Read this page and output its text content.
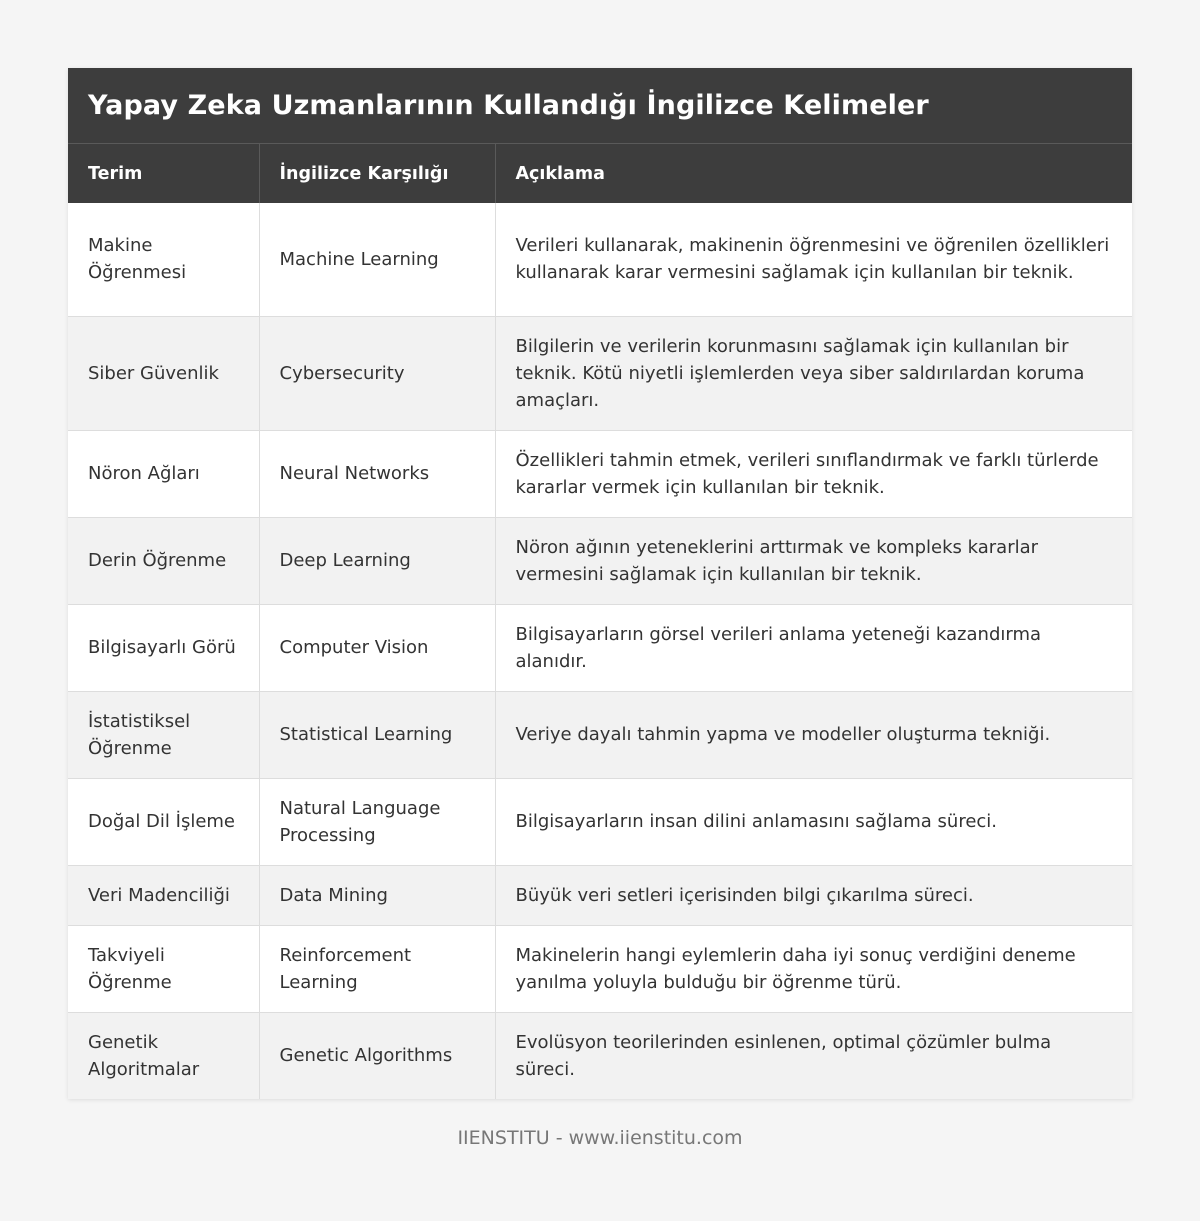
Yapay Zeka Uzmanlarının Kullandığı İngilizce Kelimeler
Terim	İngilizce Karşılığı	Açıklama
Makine Öğrenmesi	Machine Learning	Verileri kullanarak, makinenin öğrenmesini ve öğrenilen özellikleri kullanarak karar vermesini sağlamak için kullanılan bir teknik.
Siber Güvenlik	Cybersecurity	Bilgilerin ve verilerin korunmasını sağlamak için kullanılan bir teknik. Kötü niyetli işlemlerden veya siber saldırılardan koruma amaçları.
Nöron Ağları	Neural Networks	Özellikleri tahmin etmek, verileri sınıflandırmak ve farklı türlerde kararlar vermek için kullanılan bir teknik.
Derin Öğrenme	Deep Learning	Nöron ağının yeteneklerini arttırmak ve kompleks kararlar vermesini sağlamak için kullanılan bir teknik.
Bilgisayarlı Görü	Computer Vision	Bilgisayarların görsel verileri anlama yeteneği kazandırma alanıdır.
İstatistiksel Öğrenme	Statistical Learning	Veriye dayalı tahmin yapma ve modeller oluşturma tekniği.
Doğal Dil İşleme	Natural Language Processing	Bilgisayarların insan dilini anlamasını sağlama süreci.
Veri Madenciliği	Data Mining	Büyük veri setleri içerisinden bilgi çıkarılma süreci.
Takviyeli Öğrenme	Reinforcement Learning	Makinelerin hangi eylemlerin daha iyi sonuç verdiğini deneme yanılma yoluyla bulduğu bir öğrenme türü.
Genetik Algoritmalar	Genetic Algorithms	Evolüsyon teorilerinden esinlenen, optimal çözümler bulma süreci.
IIENSTITU - www.iienstitu.com
